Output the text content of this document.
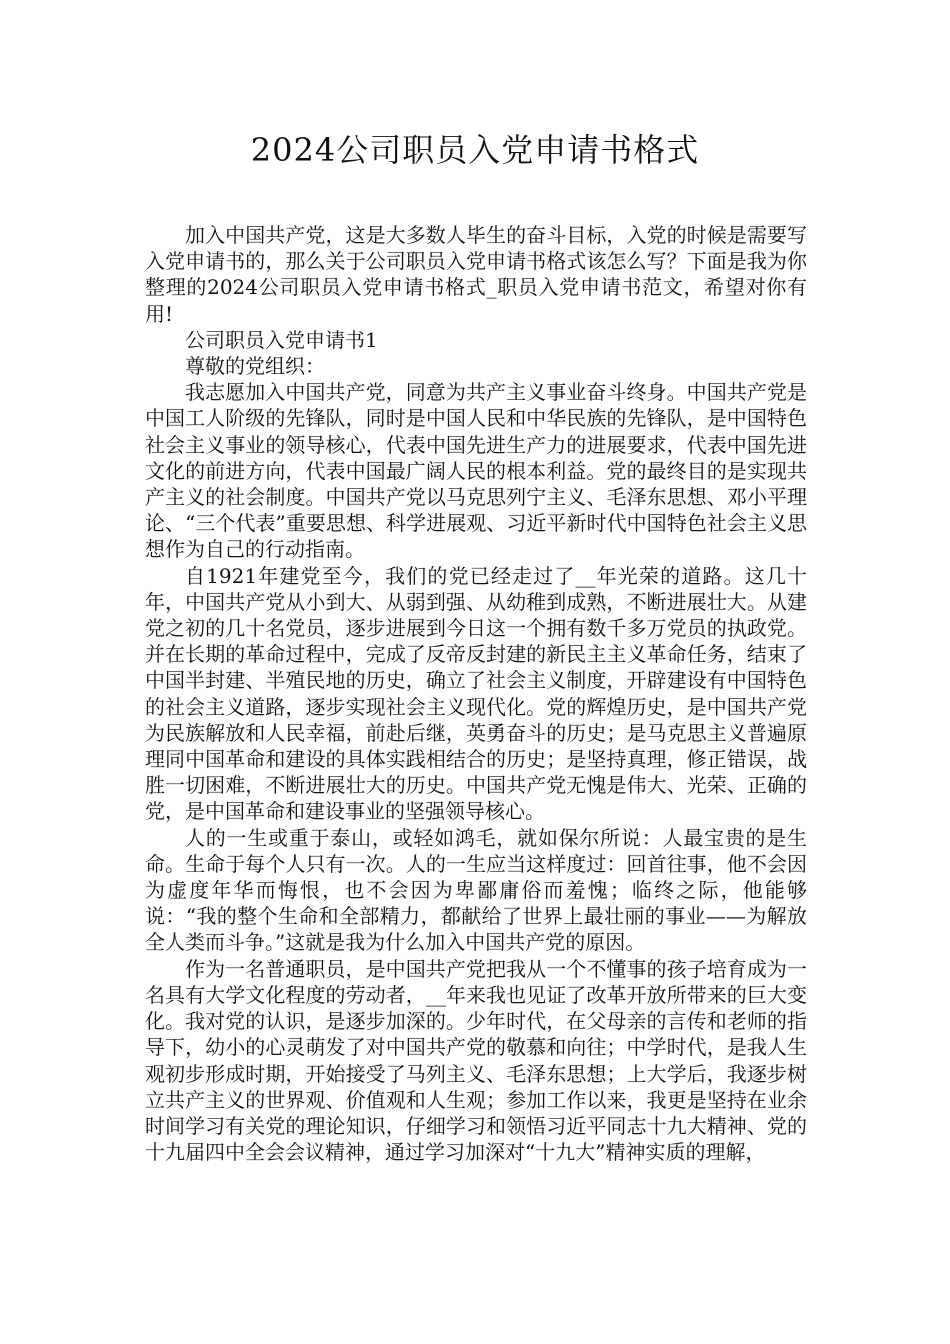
2024公司职员入党申请书格式

加入中国共产党，这是大多数人毕生的奋斗目标，入党的时候是需要写入党申请书的，那么关于公司职员入党申请书格式该怎么写？下面是我为你整理的2024公司职员入党申请书格式_职员入党申请书范文，希望对你有用!

公司职员入党申请书1

尊敬的党组织：

我志愿加入中国共产党，同意为共产主义事业奋斗终身。中国共产党是中国工人阶级的先锋队，同时是中国人民和中华民族的先锋队，是中国特色社会主义事业的领导核心，代表中国先进生产力的进展要求，代表中国先进文化的前进方向，代表中国最广阔人民的根本利益。党的最终目的是实现共产主义的社会制度。中国共产党以马克思列宁主义、毛泽东思想、邓小平理论、“三个代表”重要思想、科学进展观、习近平新时代中国特色社会主义思想作为自己的行动指南。

自1921年建党至今，我们的党已经走过了__年光荣的道路。这几十年，中国共产党从小到大、从弱到强、从幼稚到成熟，不断进展壮大。从建党之初的几十名党员，逐步进展到今日这一个拥有数千多万党员的执政党。并在长期的革命过程中，完成了反帝反封建的新民主主义革命任务，结束了中国半封建、半殖民地的历史，确立了社会主义制度，开辟建设有中国特色的社会主义道路，逐步实现社会主义现代化。党的辉煌历史，是中国共产党为民族解放和人民幸福，前赴后继，英勇奋斗的历史；是马克思主义普遍原理同中国革命和建设的具体实践相结合的历史；是坚持真理，修正错误，战胜一切困难，不断进展壮大的历史。中国共产党无愧是伟大、光荣、正确的党，是中国革命和建设事业的坚强领导核心。

人的一生或重于泰山，或轻如鸿毛，就如保尔所说：人最宝贵的是生命。生命于每个人只有一次。人的一生应当这样度过：回首往事，他不会因为虚度年华而悔恨，也不会因为卑鄙庸俗而羞愧；临终之际，他能够说：“我的整个生命和全部精力，都献给了世界上最壮丽的事业——为解放全人类而斗争。”这就是我为什么加入中国共产党的原因。

作为一名普通职员，是中国共产党把我从一个不懂事的孩子培育成为一名具有大学文化程度的劳动者，__年来我也见证了改革开放所带来的巨大变化。我对党的认识，是逐步加深的。少年时代，在父母亲的言传和老师的指导下，幼小的心灵萌发了对中国共产党的敬慕和向往；中学时代，是我人生观初步形成时期，开始接受了马列主义、毛泽东思想；上大学后，我逐步树立共产主义的世界观、价值观和人生观；参加工作以来，我更是坚持在业余时间学习有关党的理论知识，仔细学习和领悟习近平同志十九大精神、党的十九届四中全会会议精神，通过学习加深对“十九大”精神实质的理解，
